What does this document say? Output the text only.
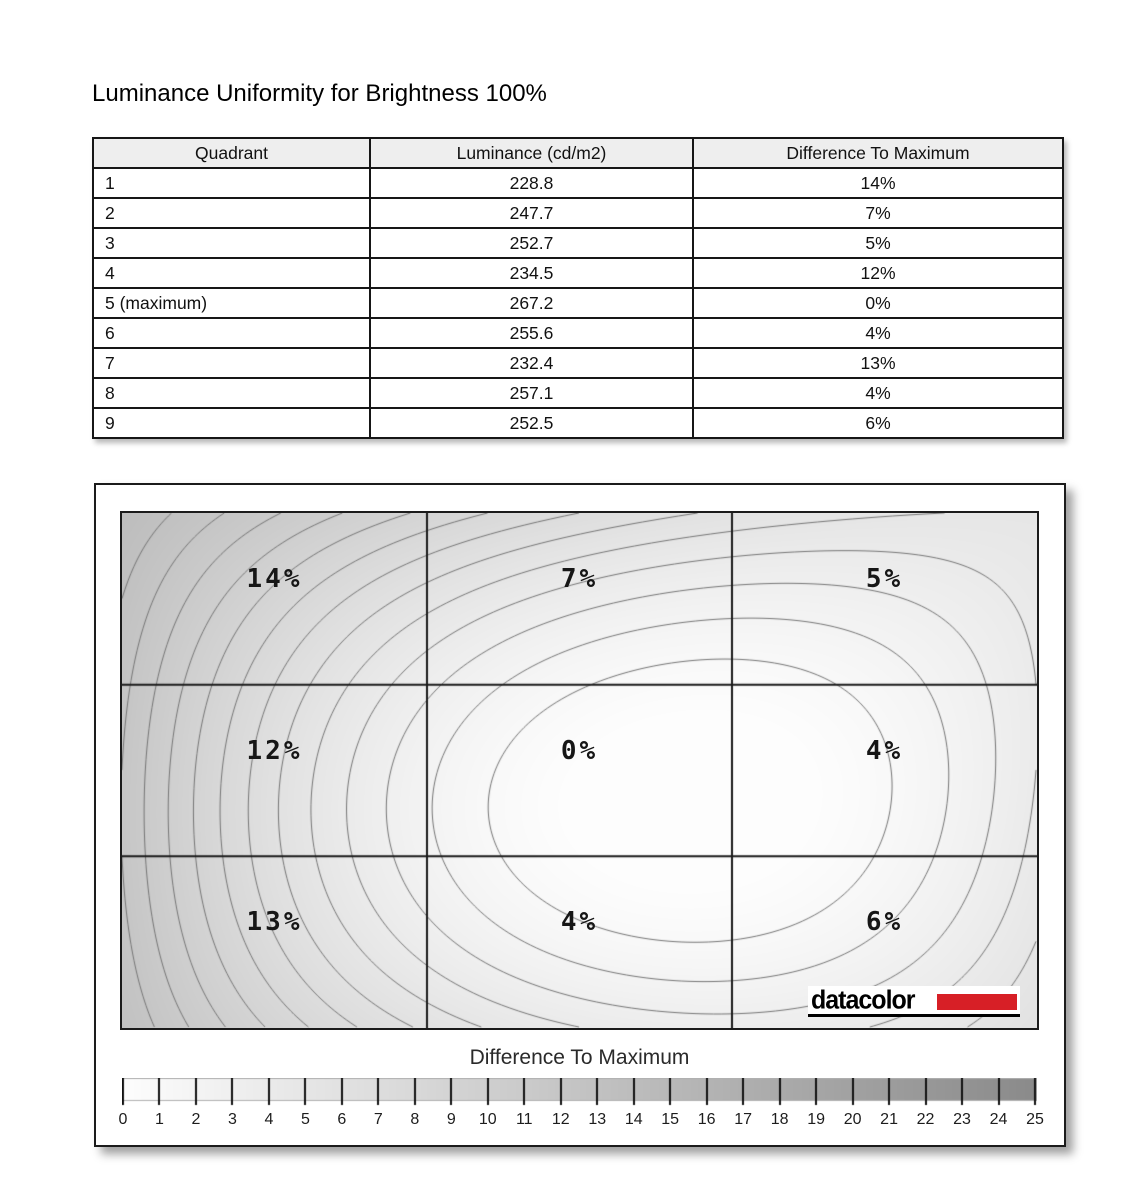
Luminance Uniformity for Brightness 100%
Quadrant	Luminance (cd/m2)	Difference To Maximum
1	228.8	14%
2	247.7	7%
3	252.7	5%
4	234.5	12%
5 (maximum)	267.2	0%
6	255.6	4%
7	232.4	13%
8	257.1	4%
9	252.5	6%
14%	7%	5%
12%	0%	4%
13%	4%	6%
datacolor
Difference To Maximum
0	1	2	3	4	5	6	7	8	9	10	11	12	13	14	15	16	17	18	19	20	21	22	23	24	25
